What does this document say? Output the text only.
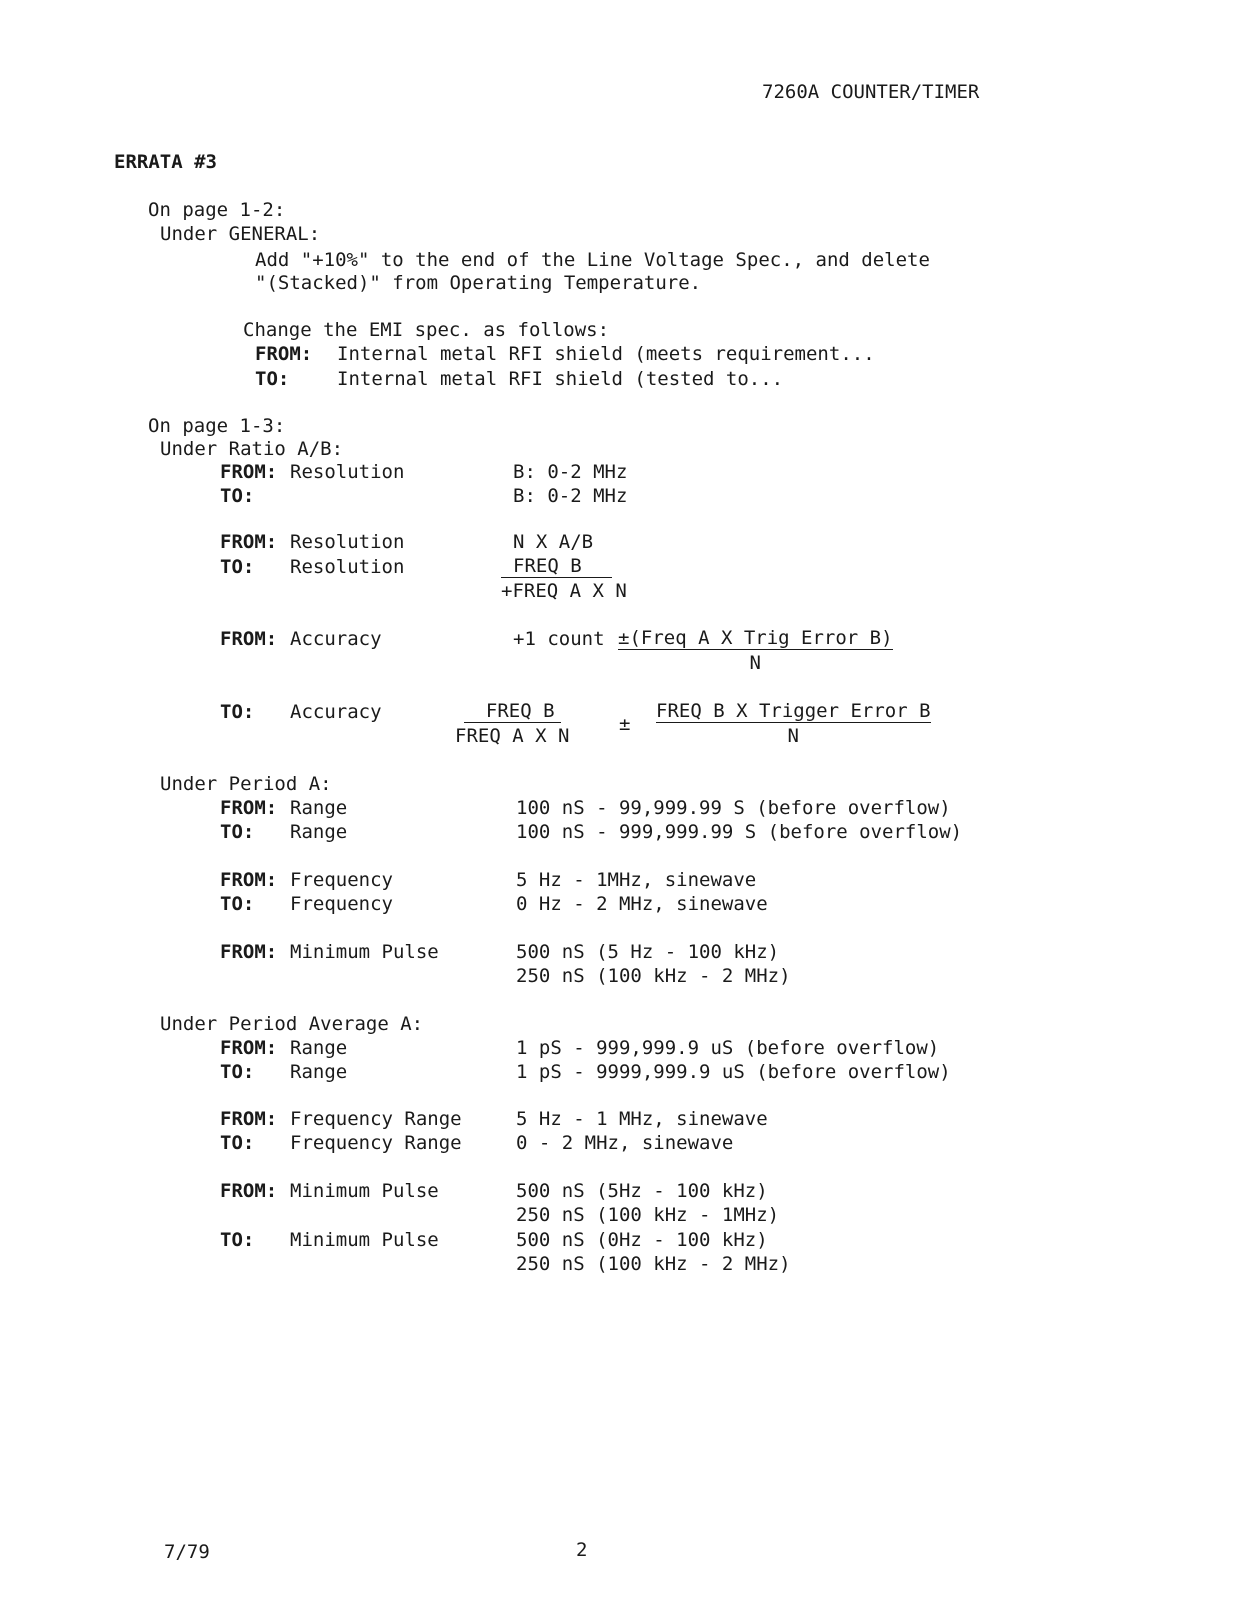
7260A COUNTER/TIMER
ERRATA #3
On page 1-2:
Under GENERAL:
Add "+10%" to the end of the Line Voltage Spec., and delete
"(Stacked)" from Operating Temperature.
Change the EMI spec. as follows:
FROM: Internal metal RFI shield (meets requirement...
TO:	Internal metal RFI shield (tested to...
On page 1-3:
Under Ratio A/B:
FROM: Resolution	B: 0-2 MHz
TO:	B: 0-2 MHz
FROM: Resolution	N X A/B
TO: Resolution	FREQ B
+FREQ A X N
FROM: Accuracy	+1 count ±(Freq A X Trig Error B)
N
TO: Accuracy	FREQ B
FREQ A X N
±
FREQ B X Trigger Error B
N
Under Period A:
FROM: Range	100 nS - 99,999.99 S (before overflow)
TO: Range	100 nS - 999,999.99 S (before overflow)
FROM: Frequency	5 Hz - 1MHz, sinewave
TO: Frequency	0 Hz - 2 MHz, sinewave
FROM: Minimum Pulse	500 nS (5 Hz - 100 kHz)
250 nS (100 kHz - 2 MHz)
Under Period Average A:
FROM: Range	1 pS - 999,999.9 uS (before overflow)
TO: Range	1 pS - 9999,999.9 uS (before overflow)
FROM: Frequency Range	5 Hz - 1 MHz, sinewave
TO: Frequency Range	0 - 2 MHz, sinewave
FROM: Minimum Pulse	500 nS (5Hz - 100 kHz)
250 nS (100 kHz - 1MHz)
TO: Minimum Pulse	500 nS (0Hz - 100 kHz)
250 nS (100 kHz - 2 MHz)
7/79	2
